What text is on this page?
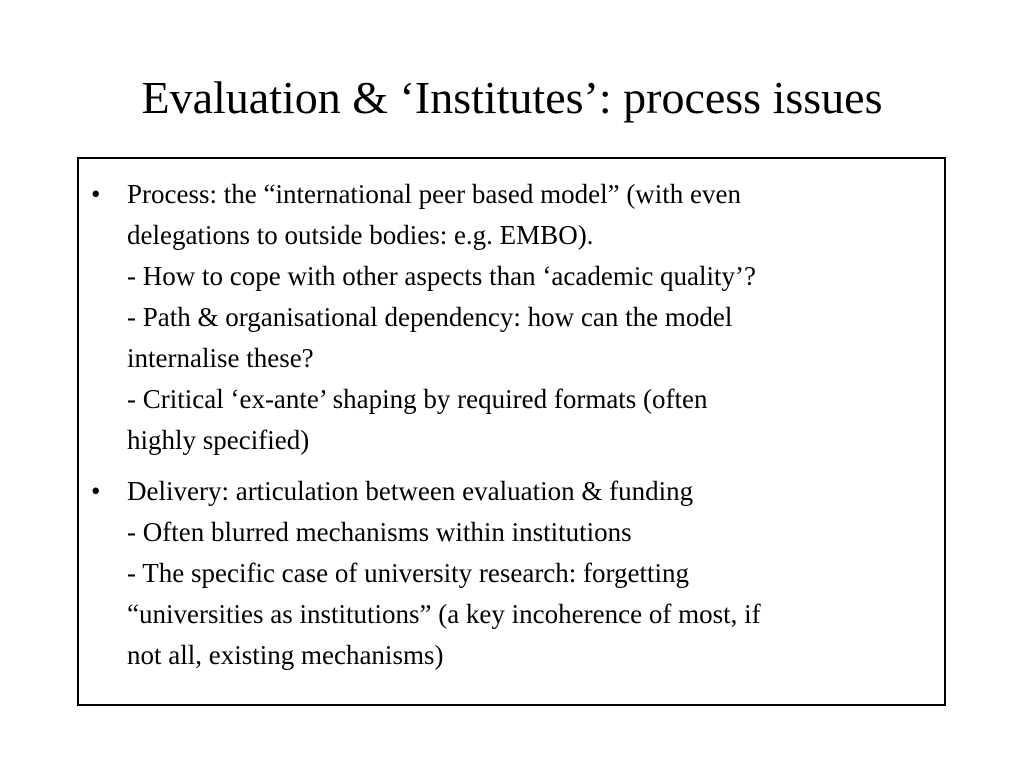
Evaluation & ‘Institutes’: process issues
• Process: the “international peer based model” (with even
delegations to outside bodies: e.g. EMBO).
- How to cope with other aspects than ‘academic quality’?
- Path & organisational dependency: how can the model
internalise these?
- Critical ‘ex-ante’ shaping by required formats (often
highly specified)
• Delivery: articulation between evaluation & funding
- Often blurred mechanisms within institutions
- The specific case of university research: forgetting
“universities as institutions” (a key incoherence of most, if
not all, existing mechanisms)
